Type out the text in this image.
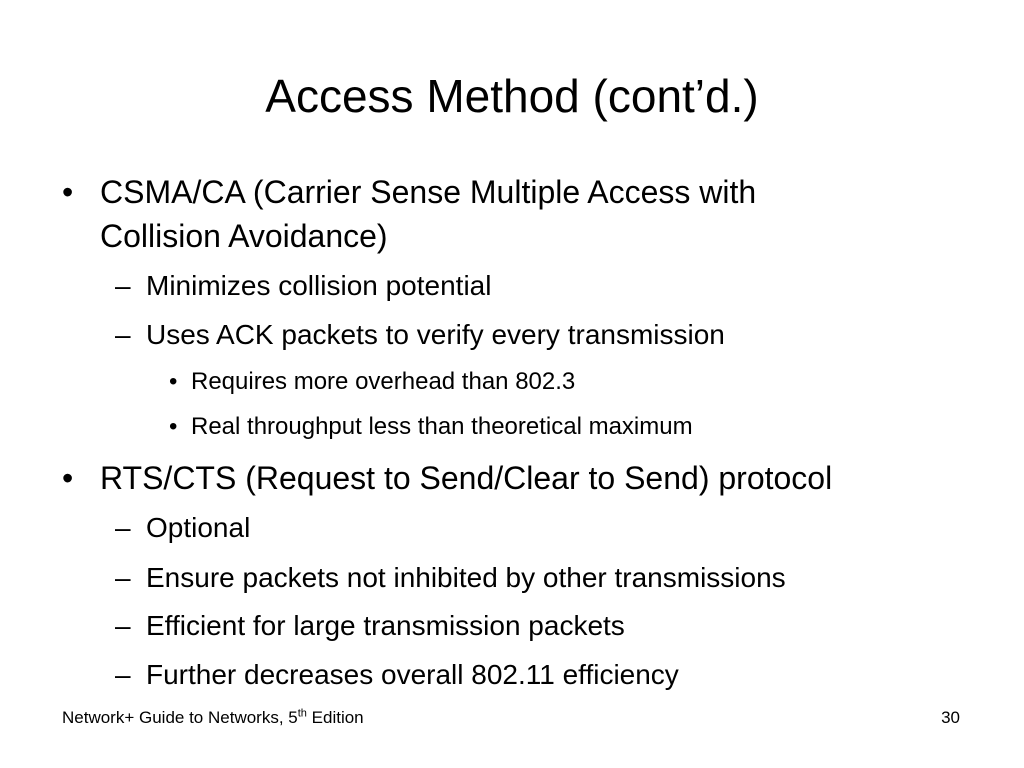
Access Method (cont’d.)
• CSMA/CA (Carrier Sense Multiple Access with
Collision Avoidance)
– Minimizes collision potential
– Uses ACK packets to verify every transmission
• Requires more overhead than 802.3
• Real throughput less than theoretical maximum
• RTS/CTS (Request to Send/Clear to Send) protocol
– Optional
– Ensure packets not inhibited by other transmissions
– Efficient for large transmission packets
– Further decreases overall 802.11 efficiency
Network+ Guide to Networks, 5th Edition	30
